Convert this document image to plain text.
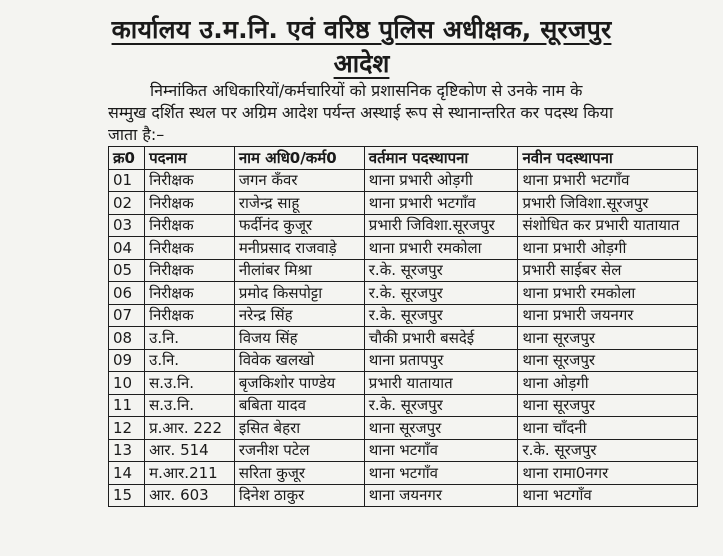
कार्यालय उ.म.नि. एवं वरिष्ठ पुलिस अधीक्षक, सूरजपुर
आदेश
निम्नांकित अधिकारियों/कर्मचारियों को प्रशासनिक दृष्टिकोण से उनके नाम के
सम्मुख दर्शित स्थल पर अग्रिम आदेश पर्यन्त अस्थाई रूप से स्थानान्तरित कर पदस्थ किया
जाता है:–
क्र0	पदनाम	नाम अधि0/कर्म0	वर्तमान पदस्थापना	नवीन पदस्थापना
01	निरीक्षक	जगन कँवर	थाना प्रभारी ओड़गी	थाना प्रभारी भटगाँव
02	निरीक्षक	राजेन्द्र साहू	थाना प्रभारी भटगाँव	प्रभारी जिविशा.सूरजपुर
03	निरीक्षक	फर्दीनंद कुजूर	प्रभारी जिविशा.सूरजपुर	संशोधित कर प्रभारी यातायात
04	निरीक्षक	मनीप्रसाद राजवाड़े	थाना प्रभारी रमकोला	थाना प्रभारी ओड़गी
05	निरीक्षक	नीलांबर मिश्रा	र.के. सूरजपुर	प्रभारी साईबर सेल
06	निरीक्षक	प्रमोद किसपोट्टा	र.के. सूरजपुर	थाना प्रभारी रमकोला
07	निरीक्षक	नरेन्द्र सिंह	र.के. सूरजपुर	थाना प्रभारी जयनगर
08	उ.नि.	विजय सिंह	चौकी प्रभारी बसदेई	थाना सूरजपुर
09	उ.नि.	विवेक खलखो	थाना प्रतापपुर	थाना सूरजपुर
10	स.उ.नि.	बृजकिशोर पाण्डेय	प्रभारी यातायात	थाना ओड़गी
11	स.उ.नि.	बबिता यादव	र.के. सूरजपुर	थाना सूरजपुर
12	प्र.आर. 222	इसित बेहरा	थाना सूरजपुर	थाना चाँदनी
13	आर. 514	रजनीश पटेल	थाना भटगाँव	र.के. सूरजपुर
14	म.आर.211	सरिता कुजूर	थाना भटगाँव	थाना रामा0नगर
15	आर. 603	दिनेश ठाकुर	थाना जयनगर	थाना भटगाँव
